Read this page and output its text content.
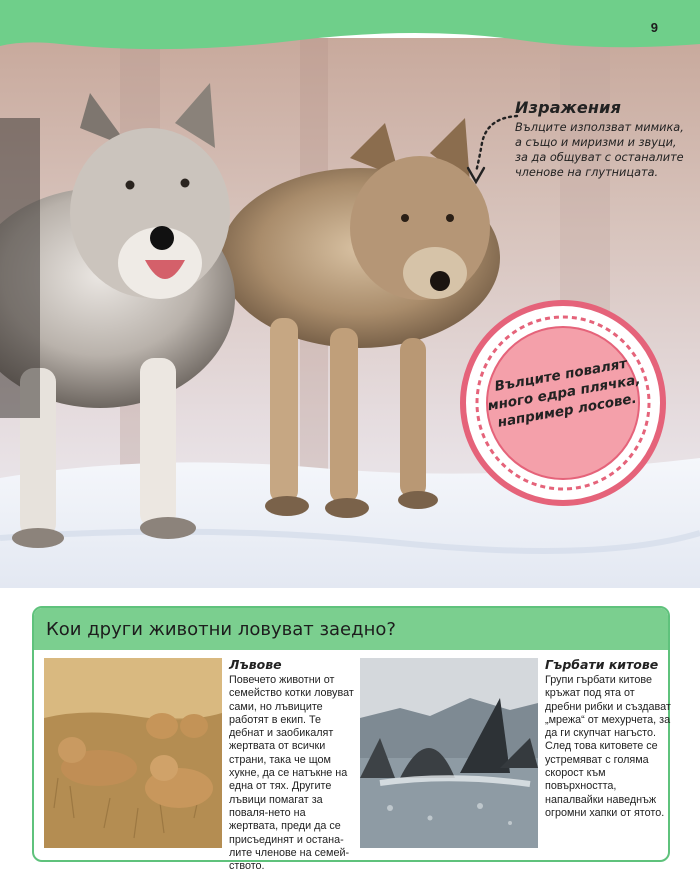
9
Изражения

Вълците използват мимика, а също и миризми и звуци, за да общуват с останалите членове на глутницата.

Вълците повалят много едра плячка, например лосове.
Кои други животни ловуват заедно?
Лъвове

Повечето животни от семейство котки ловуват сами, но лъвиците работят в екип. Те дебнат и заобикалят жертвата от всички страни, така че щом хукне, да се натъкне на една от тях. Другите лъвици помагат за поваля-нето на жертвата, преди да се присъединят и остана-лите членове на семей-ството.

Гърбати китове

Групи гърбати китове кръжат под ята от дребни рибки и създават „мрежа“ от мехурчета, за да ги скупчат нагъсто. След това китовете се устремяват с голяма скорост към повърхността, напалвайки наведнъж огромни хапки от ятото.
